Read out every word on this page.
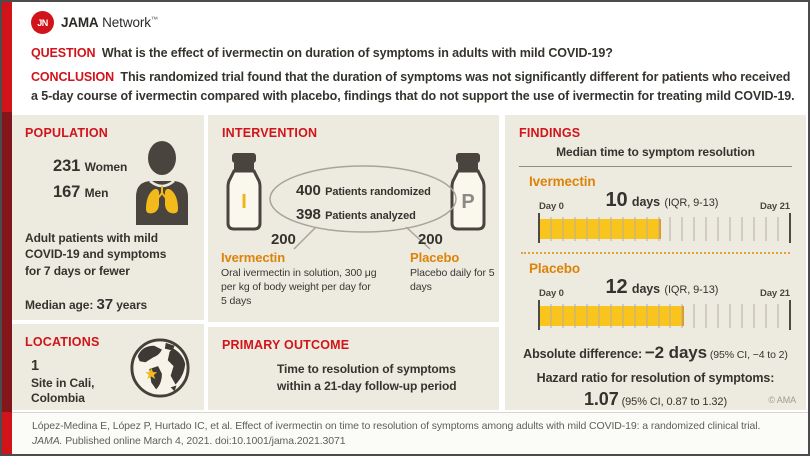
JN JAMA Network™
QUESTION What is the effect of ivermectin on duration of symptoms in adults with mild COVID-19?
CONCLUSION This randomized trial found that the duration of symptoms was not significantly different for patients who received a 5-day course of ivermectin compared with placebo, findings that do not support the use of ivermectin for treating mild COVID-19.
POPULATION
231 Women
167 Men
Adult patients with mild COVID-19 and symptoms for 7 days or fewer
Median age: 37 years
LOCATIONS
1
Site in Cali,
Colombia
INTERVENTION
I	P
400 Patients randomized
398 Patients analyzed
200
Ivermectin
Oral ivermectin in solution, 300 μg per kg of body weight per day for 5 days
200
Placebo
Placebo daily for 5 days
PRIMARY OUTCOME
Time to resolution of symptoms within a 21-day follow-up period
FINDINGS
Median time to symptom resolution
Ivermectin
Day 0 10 days (IQR, 9-13)	Day 21
Placebo
Day 0 12 days (IQR, 9-13)	Day 21
Absolute difference: −2 days (95% CI, −4 to 2)
Hazard ratio for resolution of symptoms:
1.07 (95% CI, 0.87 to 1.32)	© AMA
López-Medina E, López P, Hurtado IC, et al. Effect of ivermectin on time to resolution of symptoms among adults with mild COVID-19: a randomized clinical trial.
JAMA. Published online March 4, 2021. doi:10.1001/jama.2021.3071
